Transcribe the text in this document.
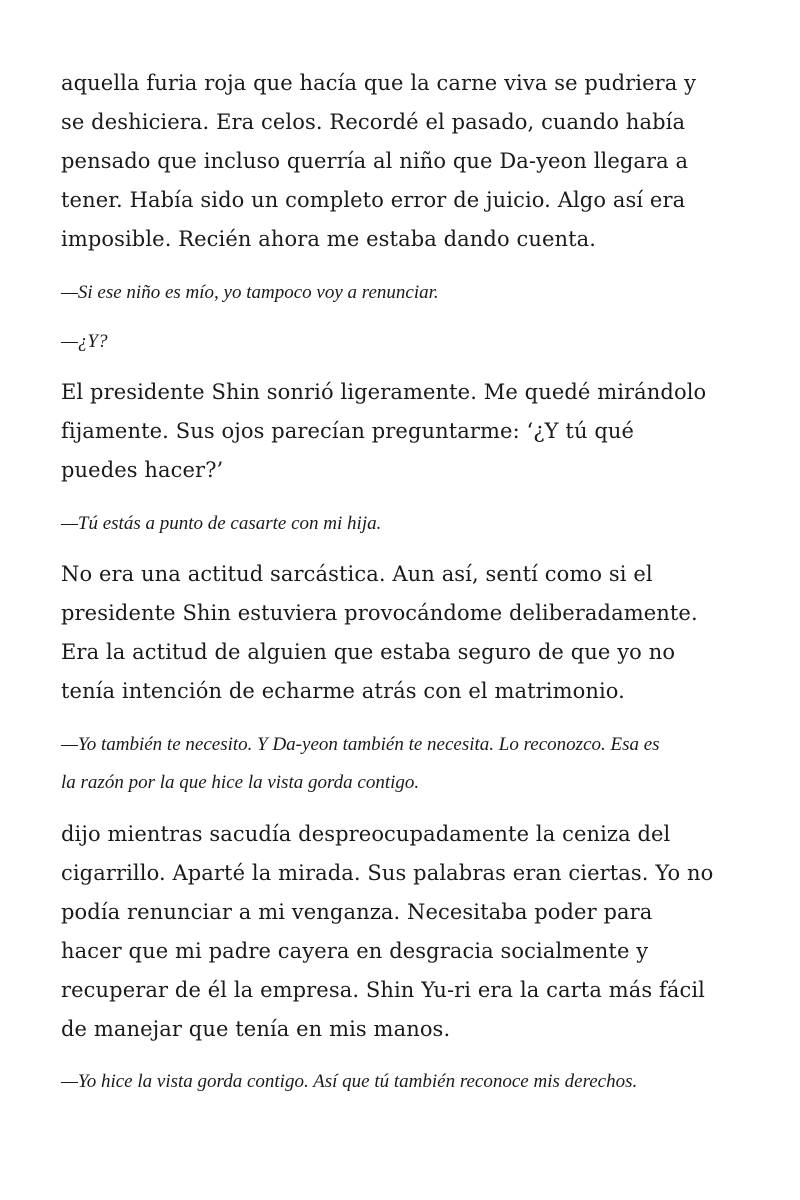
aquella furia roja que hacía que la carne viva se pudriera y
se deshiciera. Era celos. Recordé el pasado, cuando había
pensado que incluso querría al niño que Da-yeon llegara a
tener. Había sido un completo error de juicio. Algo así era
imposible. Recién ahora me estaba dando cuenta.

—Si ese niño es mío, yo tampoco voy a renunciar.

—¿Y?

El presidente Shin sonrió ligeramente. Me quedé mirándolo
fijamente. Sus ojos parecían preguntarme: ‘¿Y tú qué
puedes hacer?’

—Tú estás a punto de casarte con mi hija.

No era una actitud sarcástica. Aun así, sentí como si el
presidente Shin estuviera provocándome deliberadamente.
Era la actitud de alguien que estaba seguro de que yo no
tenía intención de echarme atrás con el matrimonio.

—Yo también te necesito. Y Da-yeon también te necesita. Lo reconozco. Esa es
la razón por la que hice la vista gorda contigo.

dijo mientras sacudía despreocupadamente la ceniza del
cigarrillo. Aparté la mirada. Sus palabras eran ciertas. Yo no
podía renunciar a mi venganza. Necesitaba poder para
hacer que mi padre cayera en desgracia socialmente y
recuperar de él la empresa. Shin Yu-ri era la carta más fácil
de manejar que tenía en mis manos.

—Yo hice la vista gorda contigo. Así que tú también reconoce mis derechos.
